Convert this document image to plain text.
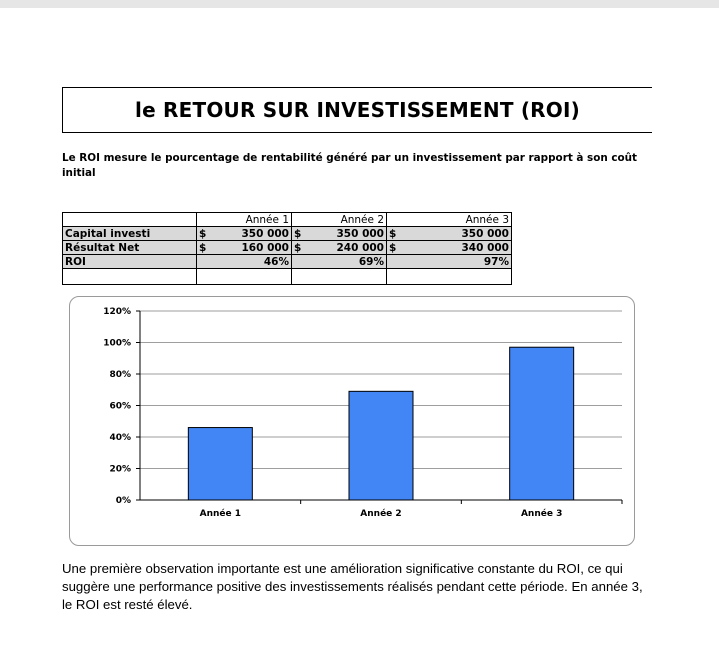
le RETOUR SUR INVESTISSEMENT (ROI)
Le ROI mesure le pourcentage de rentabilité généré par un investissement par rapport à son coût initial
	Année 1	Année 2	Année 3
Capital investi	$ 350 000	$ 350 000	$ 350 000

Résultat Net	$ 160 000	$ 240 000	$ 340 000

ROI	46%	69%	97%

0%
20%
40%
60%
80%
100%
120%
Année 1	Année 2	Année 3
Une première observation importante est une amélioration significative constante du ROI, ce qui suggère une performance positive des investissements réalisés pendant cette période. En année 3, le ROI est resté élevé.
